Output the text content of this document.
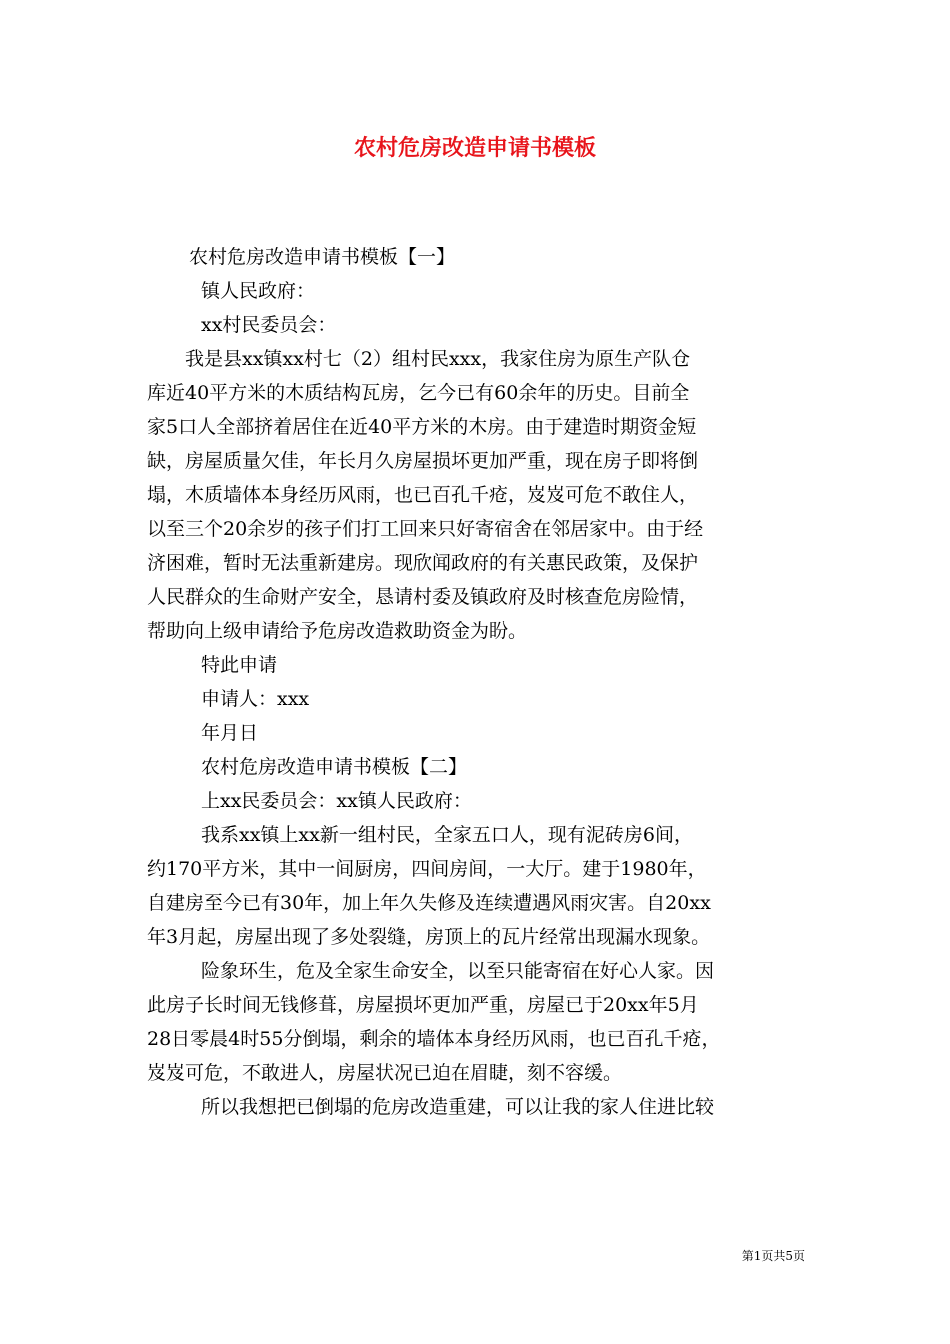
农村危房改造申请书模板
农村危房改造申请书模板【一】
镇人民政府：
xx村民委员会：
我是县xx镇xx村七（2）组村民xxx，我家住房为原生产队仓
库近40平方米的木质结构瓦房，乞今已有60余年的历史。目前全
家5口人全部挤着居住在近40平方米的木房。由于建造时期资金短
缺，房屋质量欠佳，年长月久房屋损坏更加严重，现在房子即将倒
塌，木质墙体本身经历风雨，也已百孔千疮，岌岌可危不敢住人，
以至三个20余岁的孩子们打工回来只好寄宿舍在邻居家中。由于经
济困难，暂时无法重新建房。现欣闻政府的有关惠民政策，及保护
人民群众的生命财产安全，恳请村委及镇政府及时核查危房险情，
帮助向上级申请给予危房改造救助资金为盼。
特此申请
申请人：xxx
年月日
农村危房改造申请书模板【二】
上xx民委员会：xx镇人民政府：
我系xx镇上xx新一组村民，全家五口人，现有泥砖房6间，
约170平方米，其中一间厨房，四间房间，一大厅。建于1980年，
自建房至今已有30年，加上年久失修及连续遭遇风雨灾害。自20xx
年3月起，房屋出现了多处裂缝，房顶上的瓦片经常出现漏水现象。
险象环生，危及全家生命安全，以至只能寄宿在好心人家。因
此房子长时间无钱修葺，房屋损坏更加严重，房屋已于20xx年5月
28日零晨4时55分倒塌，剩余的墙体本身经历风雨，也已百孔千疮，
岌岌可危，不敢进人，房屋状况已迫在眉睫，刻不容缓。
所以我想把已倒塌的危房改造重建，可以让我的家人住进比较
第1页共5页
